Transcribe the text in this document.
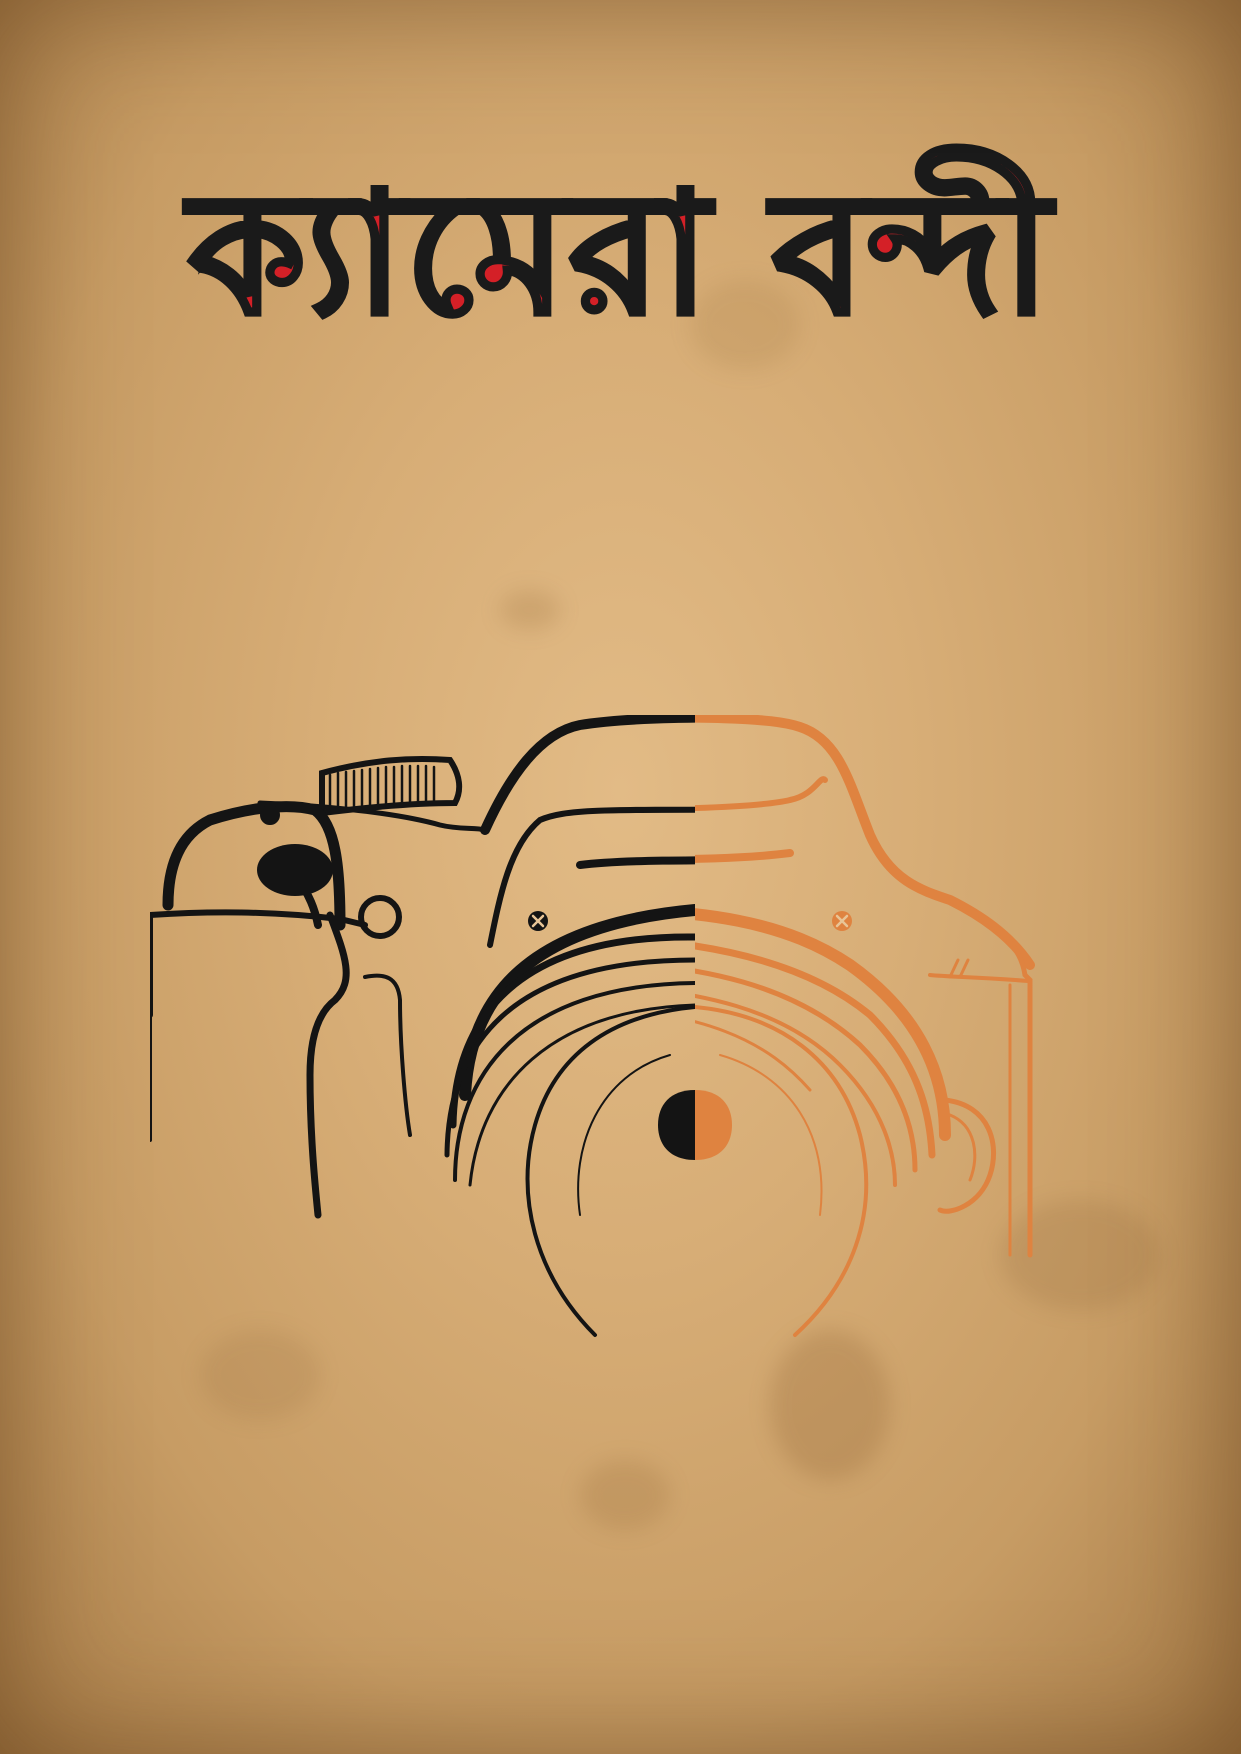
ক্যামেরা বন্দী
